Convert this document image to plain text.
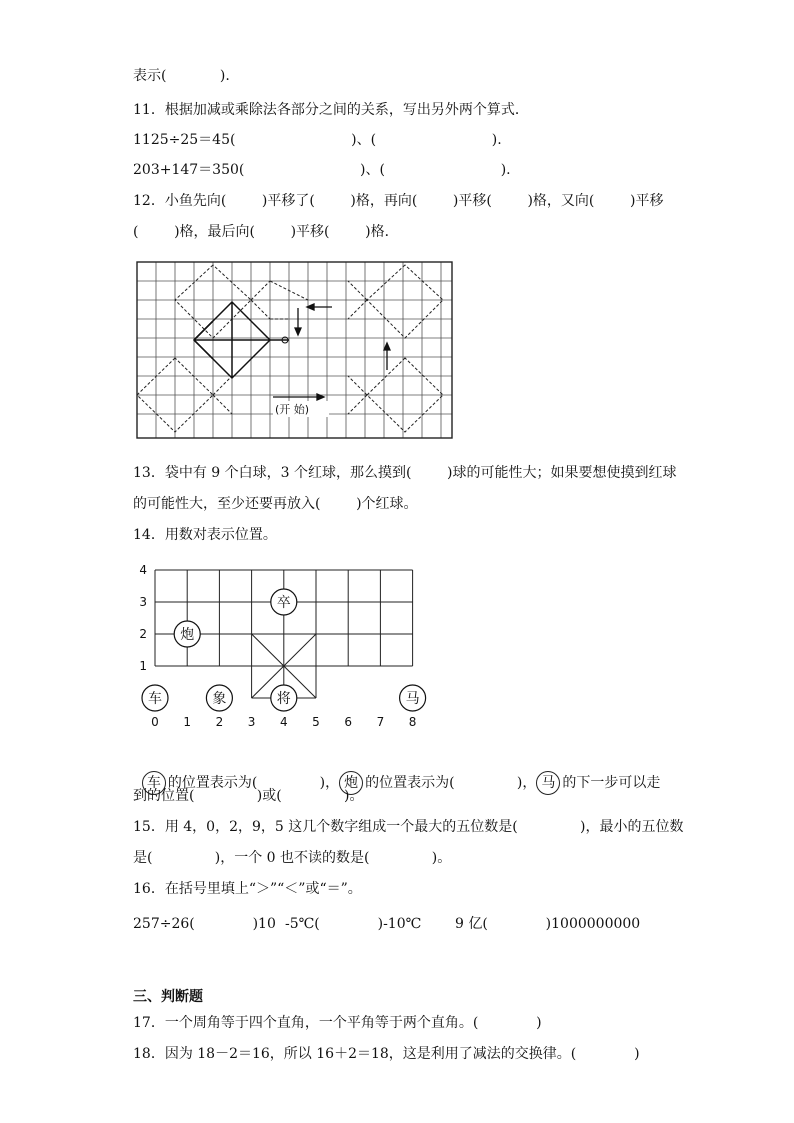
表示(            ).
11．根据加减或乘除法各部分之间的关系，写出另外两个算式．
1125÷25＝45(                          )、(                          ).
203+147＝350(                          )、(                          ).
12．小鱼先向(        )平移了(        )格，再向(        )平移(        )格，又向(        )平移
(        )格，最后向(        )平移(        )格．
(开 始)
13．袋中有 9 个白球，3 个红球，那么摸到(        )球的可能性大；如果要想使摸到红球
的可能性大，至少还要再放入(        )个红球。
14．用数对表示位置。
0 1 2 3 4 5 6 7 8
1
2
3
4
车	象	将	马
炮
卒

车 的位置表示为(              )， 炮 的位置表示为(              )， 马 的下一步可以走

到的位置(              )或(              )。
15．用 4，0，2，9，5 这几个数字组成一个最大的五位数是(              )，最小的五位数
是(              )，一个 0 也不读的数是(              )。
16．在括号里填上“＞”“＜”或“＝”。
257÷26(             )10 -5℃(             )-10℃ 9 亿(             )1000000000
三、判断题
17．一个周角等于四个直角，一个平角等于两个直角。(             )
18．因为 18－2＝16，所以 16＋2＝18，这是利用了减法的交换律。(             )
